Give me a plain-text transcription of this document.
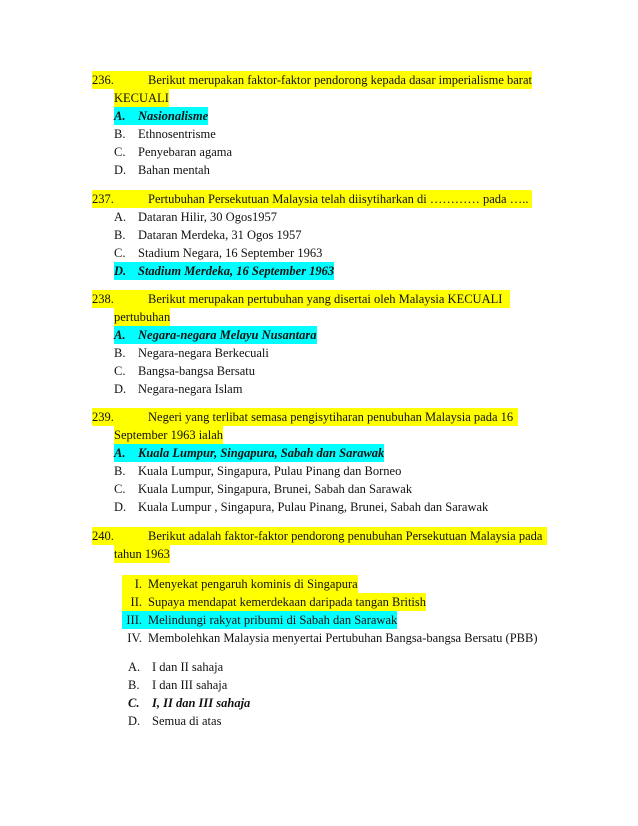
236.	Berikut merupakan faktor-faktor pendorong kepada dasar imperialisme barat
KECUALI
A. Nasionalisme
B. Ethnosentrisme
C. Penyebaran agama
D. Bahan mentah
237.	Pertubuhan Persekutuan Malaysia telah diisytiharkan di ………… pada …..
A. Dataran Hilir, 30 Ogos1957
B. Dataran Merdeka, 31 Ogos 1957
C. Stadium Negara, 16 September 1963
D. Stadium Merdeka, 16 September 1963
238.	Berikut merupakan pertubuhan yang disertai oleh Malaysia KECUALI
pertubuhan
A. Negara-negara Melayu Nusantara
B. Negara-negara Berkecuali
C. Bangsa-bangsa Bersatu
D. Negara-negara Islam
239.	Negeri yang terlibat semasa pengisytiharan penubuhan Malaysia pada 16
September 1963 ialah
A. Kuala Lumpur, Singapura, Sabah dan Sarawak
B. Kuala Lumpur, Singapura, Pulau Pinang dan Borneo
C. Kuala Lumpur, Singapura, Brunei, Sabah dan Sarawak
D. Kuala Lumpur , Singapura, Pulau Pinang, Brunei, Sabah dan Sarawak
240.	Berikut adalah faktor-faktor pendorong penubuhan Persekutuan Malaysia pada
tahun 1963
I. Menyekat pengaruh kominis di Singapura
II. Supaya mendapat kemerdekaan daripada tangan British
III. Melindungi rakyat pribumi di Sabah dan Sarawak
IV. Membolehkan Malaysia menyertai Pertubuhan Bangsa-bangsa Bersatu (PBB)
A. I dan II sahaja
B. I dan III sahaja
C. I, II dan III sahaja
D. Semua di atas
